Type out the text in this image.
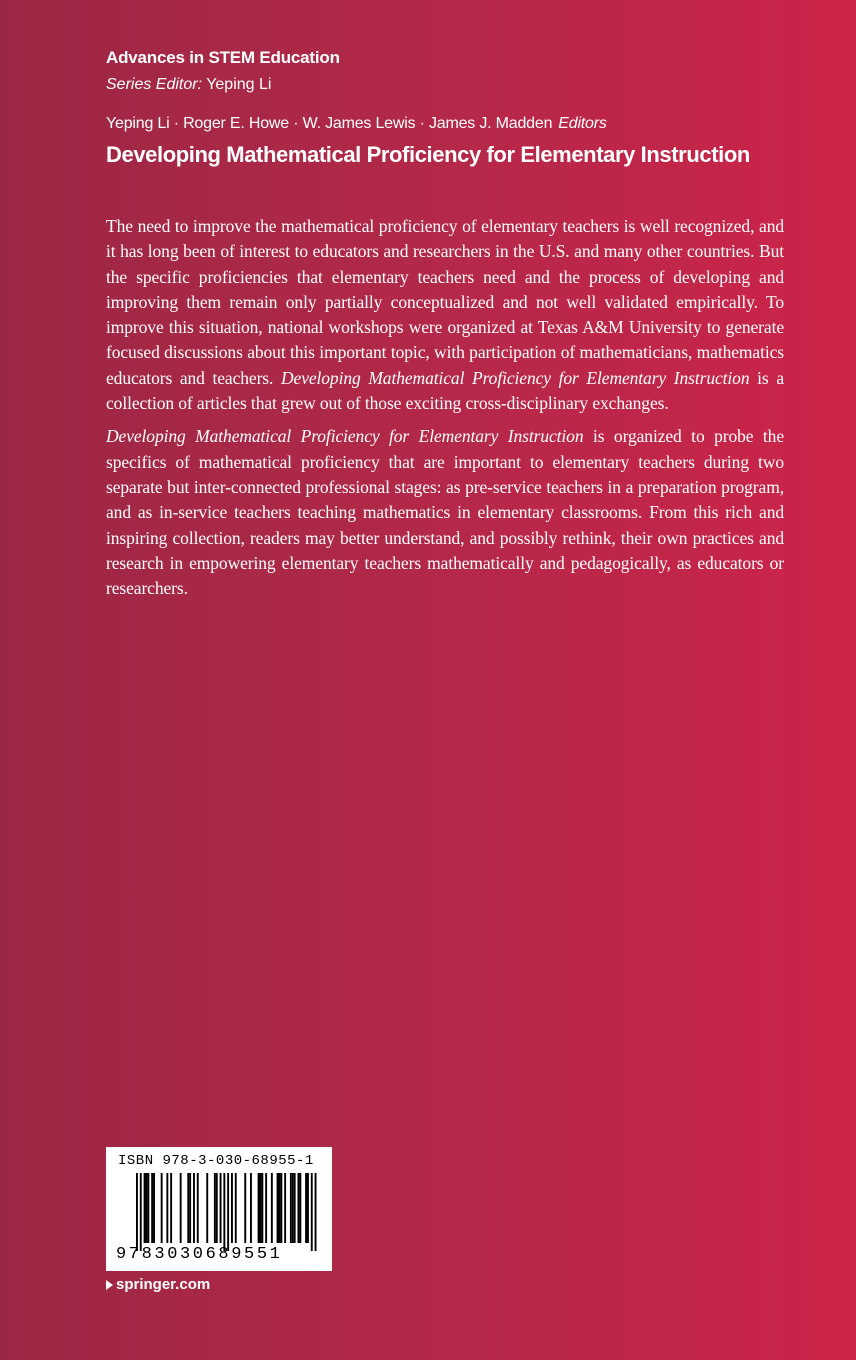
Advances in STEM Education
Series Editor: Yeping Li
Yeping Li · Roger E. Howe · W. James Lewis · James J. Madden Editors
Developing Mathematical Proficiency for Elementary Instruction

The need to improve the mathematical proficiency of elementary teachers is well recognized, and it has long been of interest to educators and researchers in the U.S. and many other countries. But the specific proficiencies that elementary teachers need and the process of developing and improving them remain only partially conceptualized and not well validated empirically. To improve this situation, national workshops were organized at Texas A&M University to generate focused discussions about this important topic, with participation of mathematicians, mathematics educators and teachers. Developing Mathematical Proficiency for Elementary Instruction is a collection of articles that grew out of those exciting cross-disciplinary exchanges.

Developing Mathematical Proficiency for Elementary Instruction is organized to probe the specifics of mathematical proficiency that are important to elementary teachers during two separate but inter-connected professional stages: as pre-service teachers in a preparation program, and as in-service teachers teaching mathematics in elementary classrooms. From this rich and inspiring collection, readers may better understand, and possibly rethink, their own practices and research in empowering elementary teachers mathematically and pedagogically, as educators or researchers.

ISBN 978-3-030-68955-1
9783030689551
springer.com
